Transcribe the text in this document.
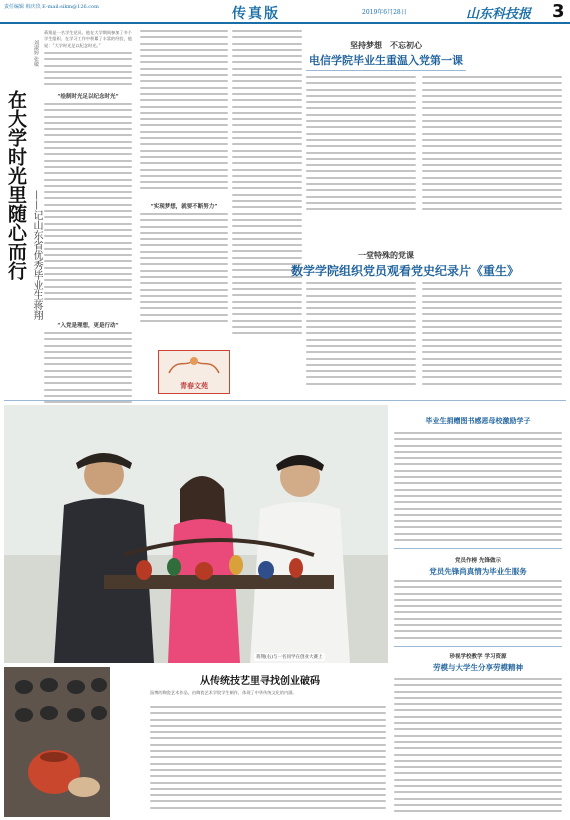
责任编辑 韩庆玖 E-mail:sikm@126.com	传真版	2019年6月28日	山东科技报 3
刘淑婷 张敏
在大学时光里随心而行 ——记山东省优秀毕业生蒋翔
蒋翔是一名学生党员。他在大学期间参加了多个学生组织，在学习工作中积累了丰富的经验，他说：“大学时光足以纪念时光。”
“绘制时光足以纪念时光”
“入党是理想，更是行动”
“实现梦想，就要不断努力”
青春文苑
坚持梦想　不忘初心
电信学院毕业生重温入党第一课
一堂特殊的党课
数学学院组织党员观看党史纪录片《重生》
蒋翔(右)与一名同学在创业大赛上
毕业生捐赠图书感恩母校激励学子
党员作榜 先锋做示
党员先锋尚真情为毕业生服务
珍视学校教学 学习资源
劳模与大学生分享劳模精神
从传统技艺里寻找创业破码
淄博的陶瓷艺术作品，由陶瓷艺术学院学生制作，体现了中华传统文化的内涵。
